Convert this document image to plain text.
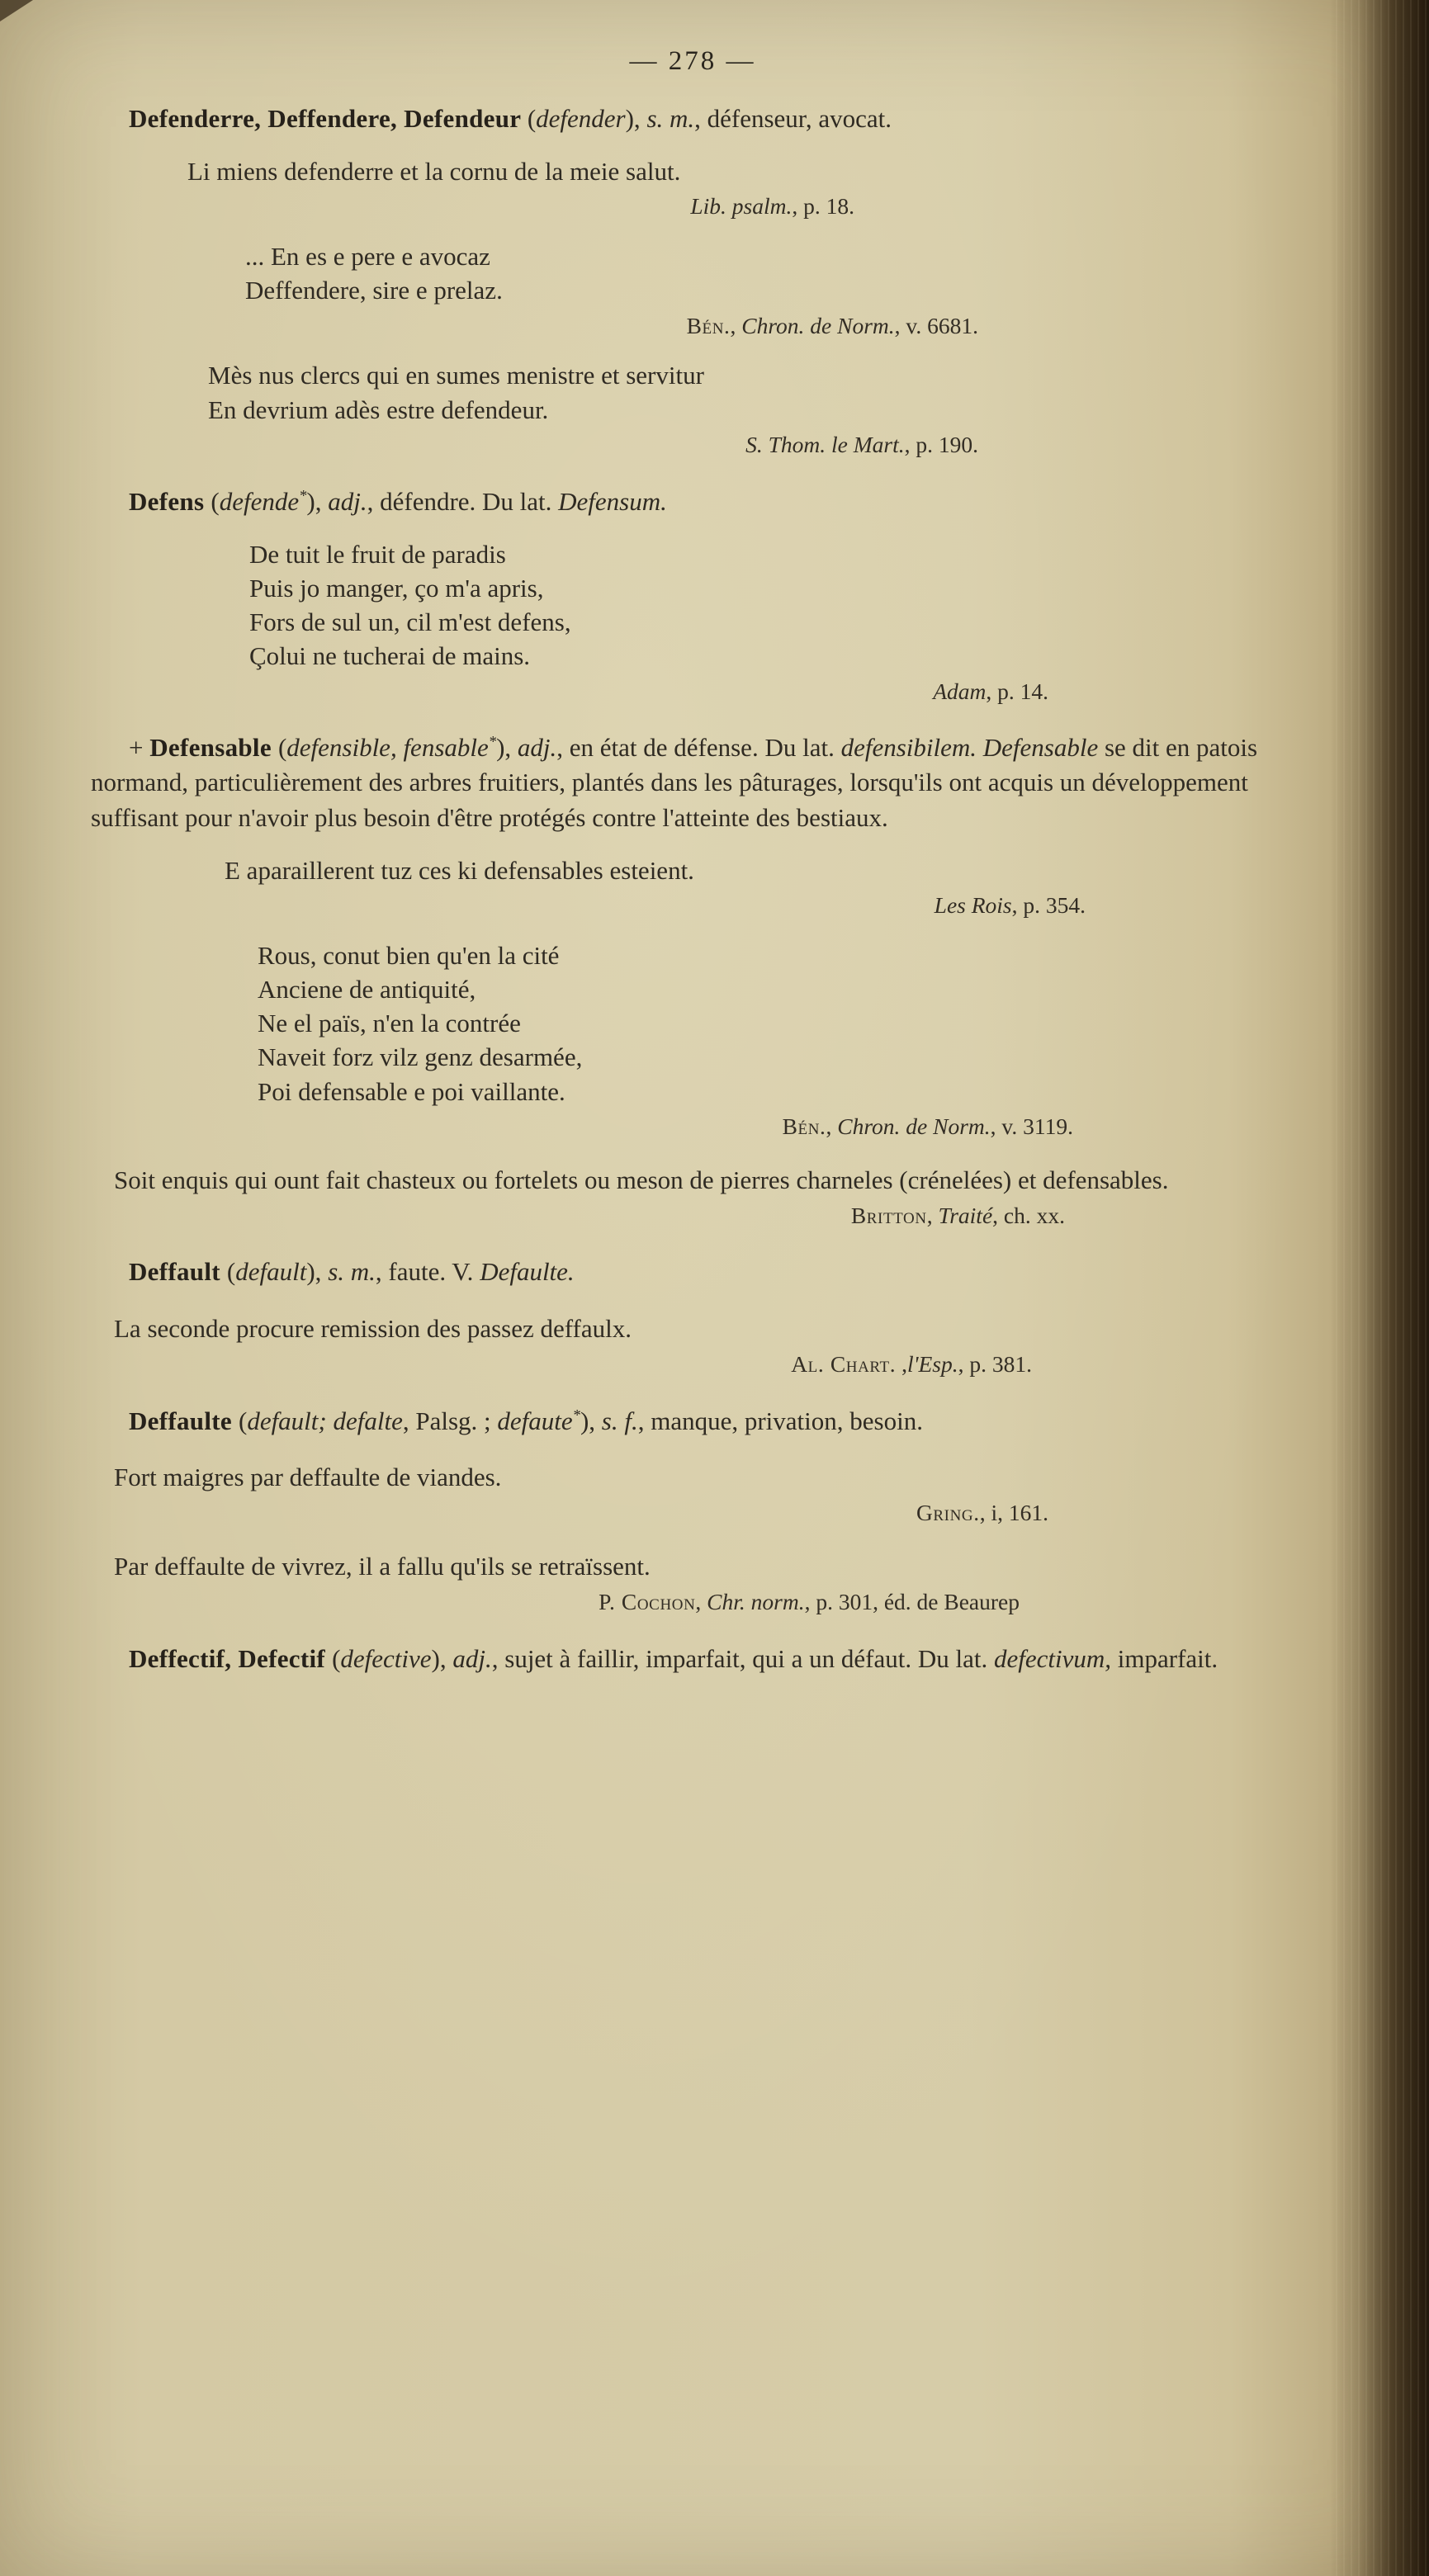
— 278 —
Defenderre, Deffendere, Defendeur (defender), s. m., défenseur, avocat.
Li miens defenderre et la cornu de la meie salut.
Lib. psalm., p. 18.
... En es e pere e avocaz
Deffendere, sire e prelaz.
Bén., Chron. de Norm., v. 6681.
Mès nus clercs qui en sumes menistre et servitur
En devrium adès estre defendeur.
S. Thom. le Mart., p. 190.
Defens (defende*), adj., défendre. Du lat. Defensum.
De tuit le fruit de paradis
Puis jo manger, ço m'a apris,
Fors de sul un, cil m'est defens,
Çolui ne tucherai de mains.
Adam, p. 14.
+ Defensable (defensible, fensable*), adj., en état de défense. Du lat. defensibilem. Defensable se dit en patois normand, particulièrement des arbres fruitiers, plantés dans les pâturages, lorsqu'ils ont acquis un développement suffisant pour n'avoir plus besoin d'être protégés contre l'atteinte des bestiaux.
E aparaillerent tuz ces ki defensables esteient.
Les Rois, p. 354.
Rous, conut bien qu'en la cité
Anciene de antiquité,
Ne el païs, n'en la contrée
Naveit forz vilz genz desarmée,
Poi defensable e poi vaillante.
Bén., Chron. de Norm., v. 3119.
Soit enquis qui ount fait chasteux ou fortelets ou meson de pierres charneles (crénelées) et defensables.
Britton, Traité, ch. xx.
Deffault (default), s. m., faute. V. Defaulte.
La seconde procure remission des passez deffaulx.
Al. Chart. ,l'Esp., p. 381.
Deffaulte (default; defalte, Palsg. ; defaute*), s. f., manque, privation, besoin.
Fort maigres par deffaulte de viandes.
Gring., i, 161.
Par deffaulte de vivrez, il a fallu qu'ils se retraïssent.
P. Cochon, Chr. norm., p. 301, éd. de Beaurep
Deffectif, Defectif (defective), adj., sujet à faillir, imparfait, qui a un défaut. Du lat. defectivum, imparfait.
